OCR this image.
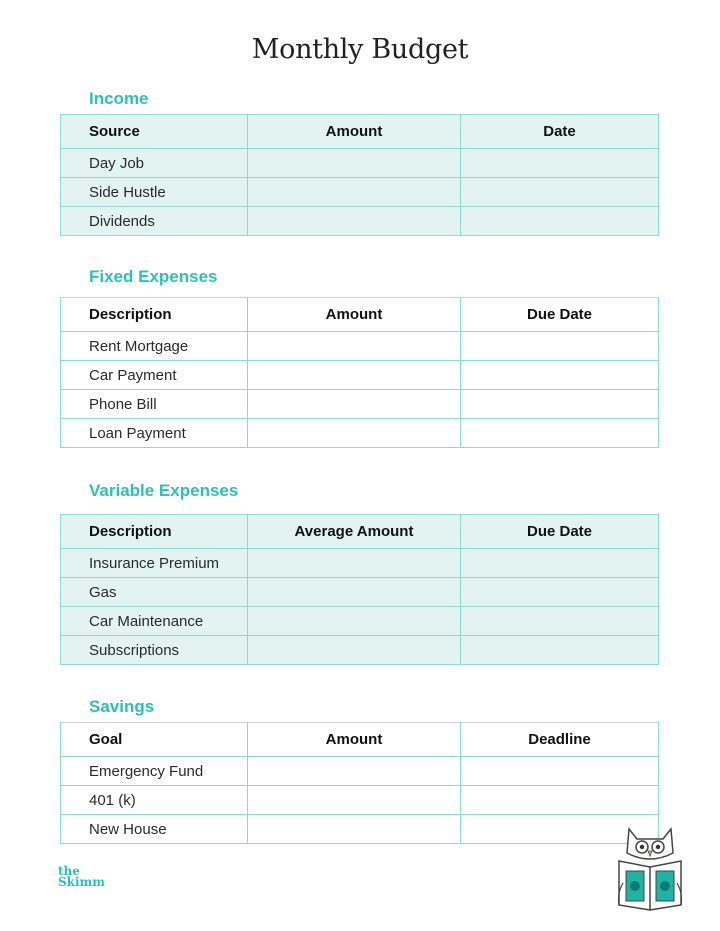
Monthly Budget
Income
Source	Amount	Date
Day Job		
Side Hustle		
Dividends		
Fixed Expenses
Description	Amount	Due Date
Rent Mortgage		
Car Payment		
Phone Bill		
Loan Payment		
Variable Expenses
Description	Average Amount	Due Date
Insurance Premium		
Gas		
Car Maintenance		
Subscriptions		
Savings
Goal	Amount	Deadline
Emergency Fund		
401 (k)		
New House		
the
Skimm
